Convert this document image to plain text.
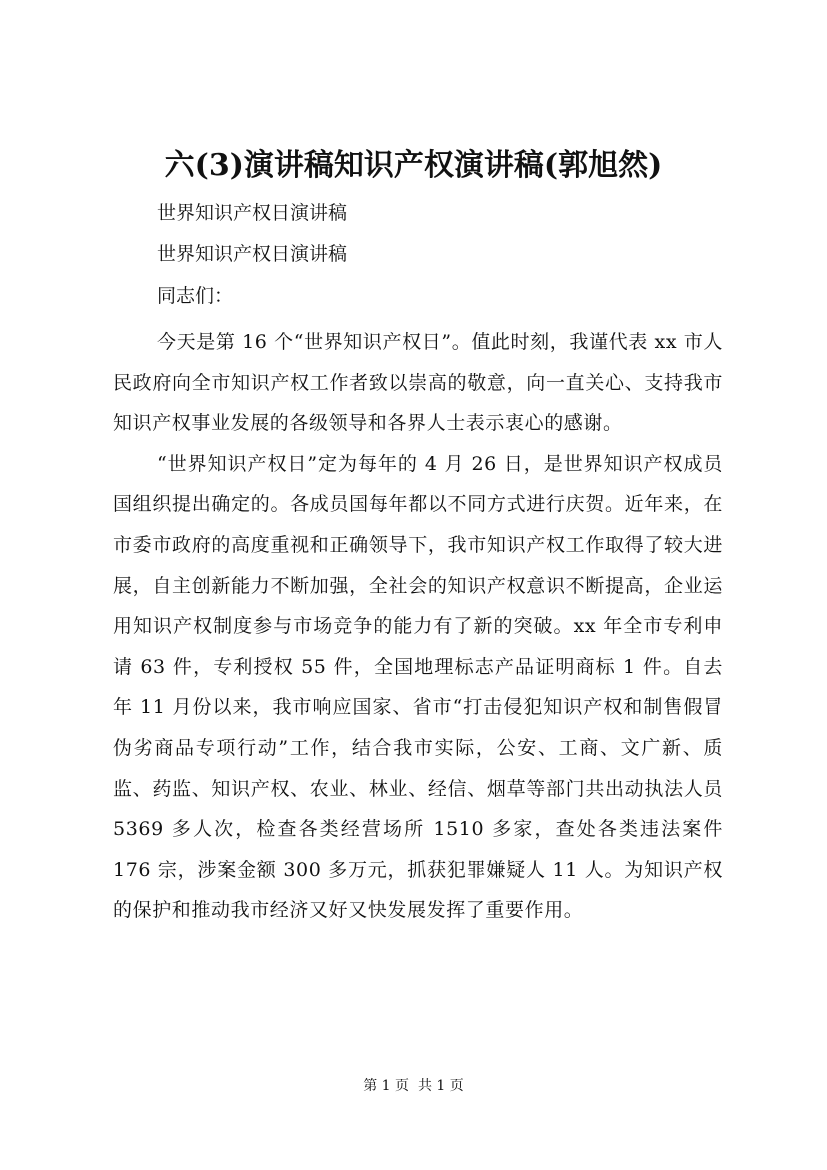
六(3)演讲稿知识产权演讲稿(郭旭然)
世界知识产权日演讲稿
世界知识产权日演讲稿
同志们：

今天是第 16 个“世界知识产权日”。值此时刻，我谨代表 xx 市人民政府向全市知识产权工作者致以崇高的敬意，向一直关心、支持我市知识产权事业发展的各级领导和各界人士表示衷心的感谢。

“世界知识产权日”定为每年的 4 月 26 日，是世界知识产权成员国组织提出确定的。各成员国每年都以不同方式进行庆贺。近年来，在市委市政府的高度重视和正确领导下，我市知识产权工作取得了较大进展，自主创新能力不断加强，全社会的知识产权意识不断提高，企业运用知识产权制度参与市场竞争的能力有了新的突破。xx 年全市专利申请 63 件，专利授权 55 件，全国地理标志产品证明商标 1 件。自去年 11 月份以来，我市响应国家、省市“打击侵犯知识产权和制售假冒伪劣商品专项行动”工作，结合我市实际，公安、工商、文广新、质监、药监、知识产权、农业、林业、经信、烟草等部门共出动执法人员 5369 多人次，检查各类经营场所 1510 多家，查处各类违法案件 176 宗，涉案金额 300 多万元，抓获犯罪嫌疑人 11 人。为知识产权的保护和推动我市经济又好又快发展发挥了重要作用。

第 1 页  共 1 页
